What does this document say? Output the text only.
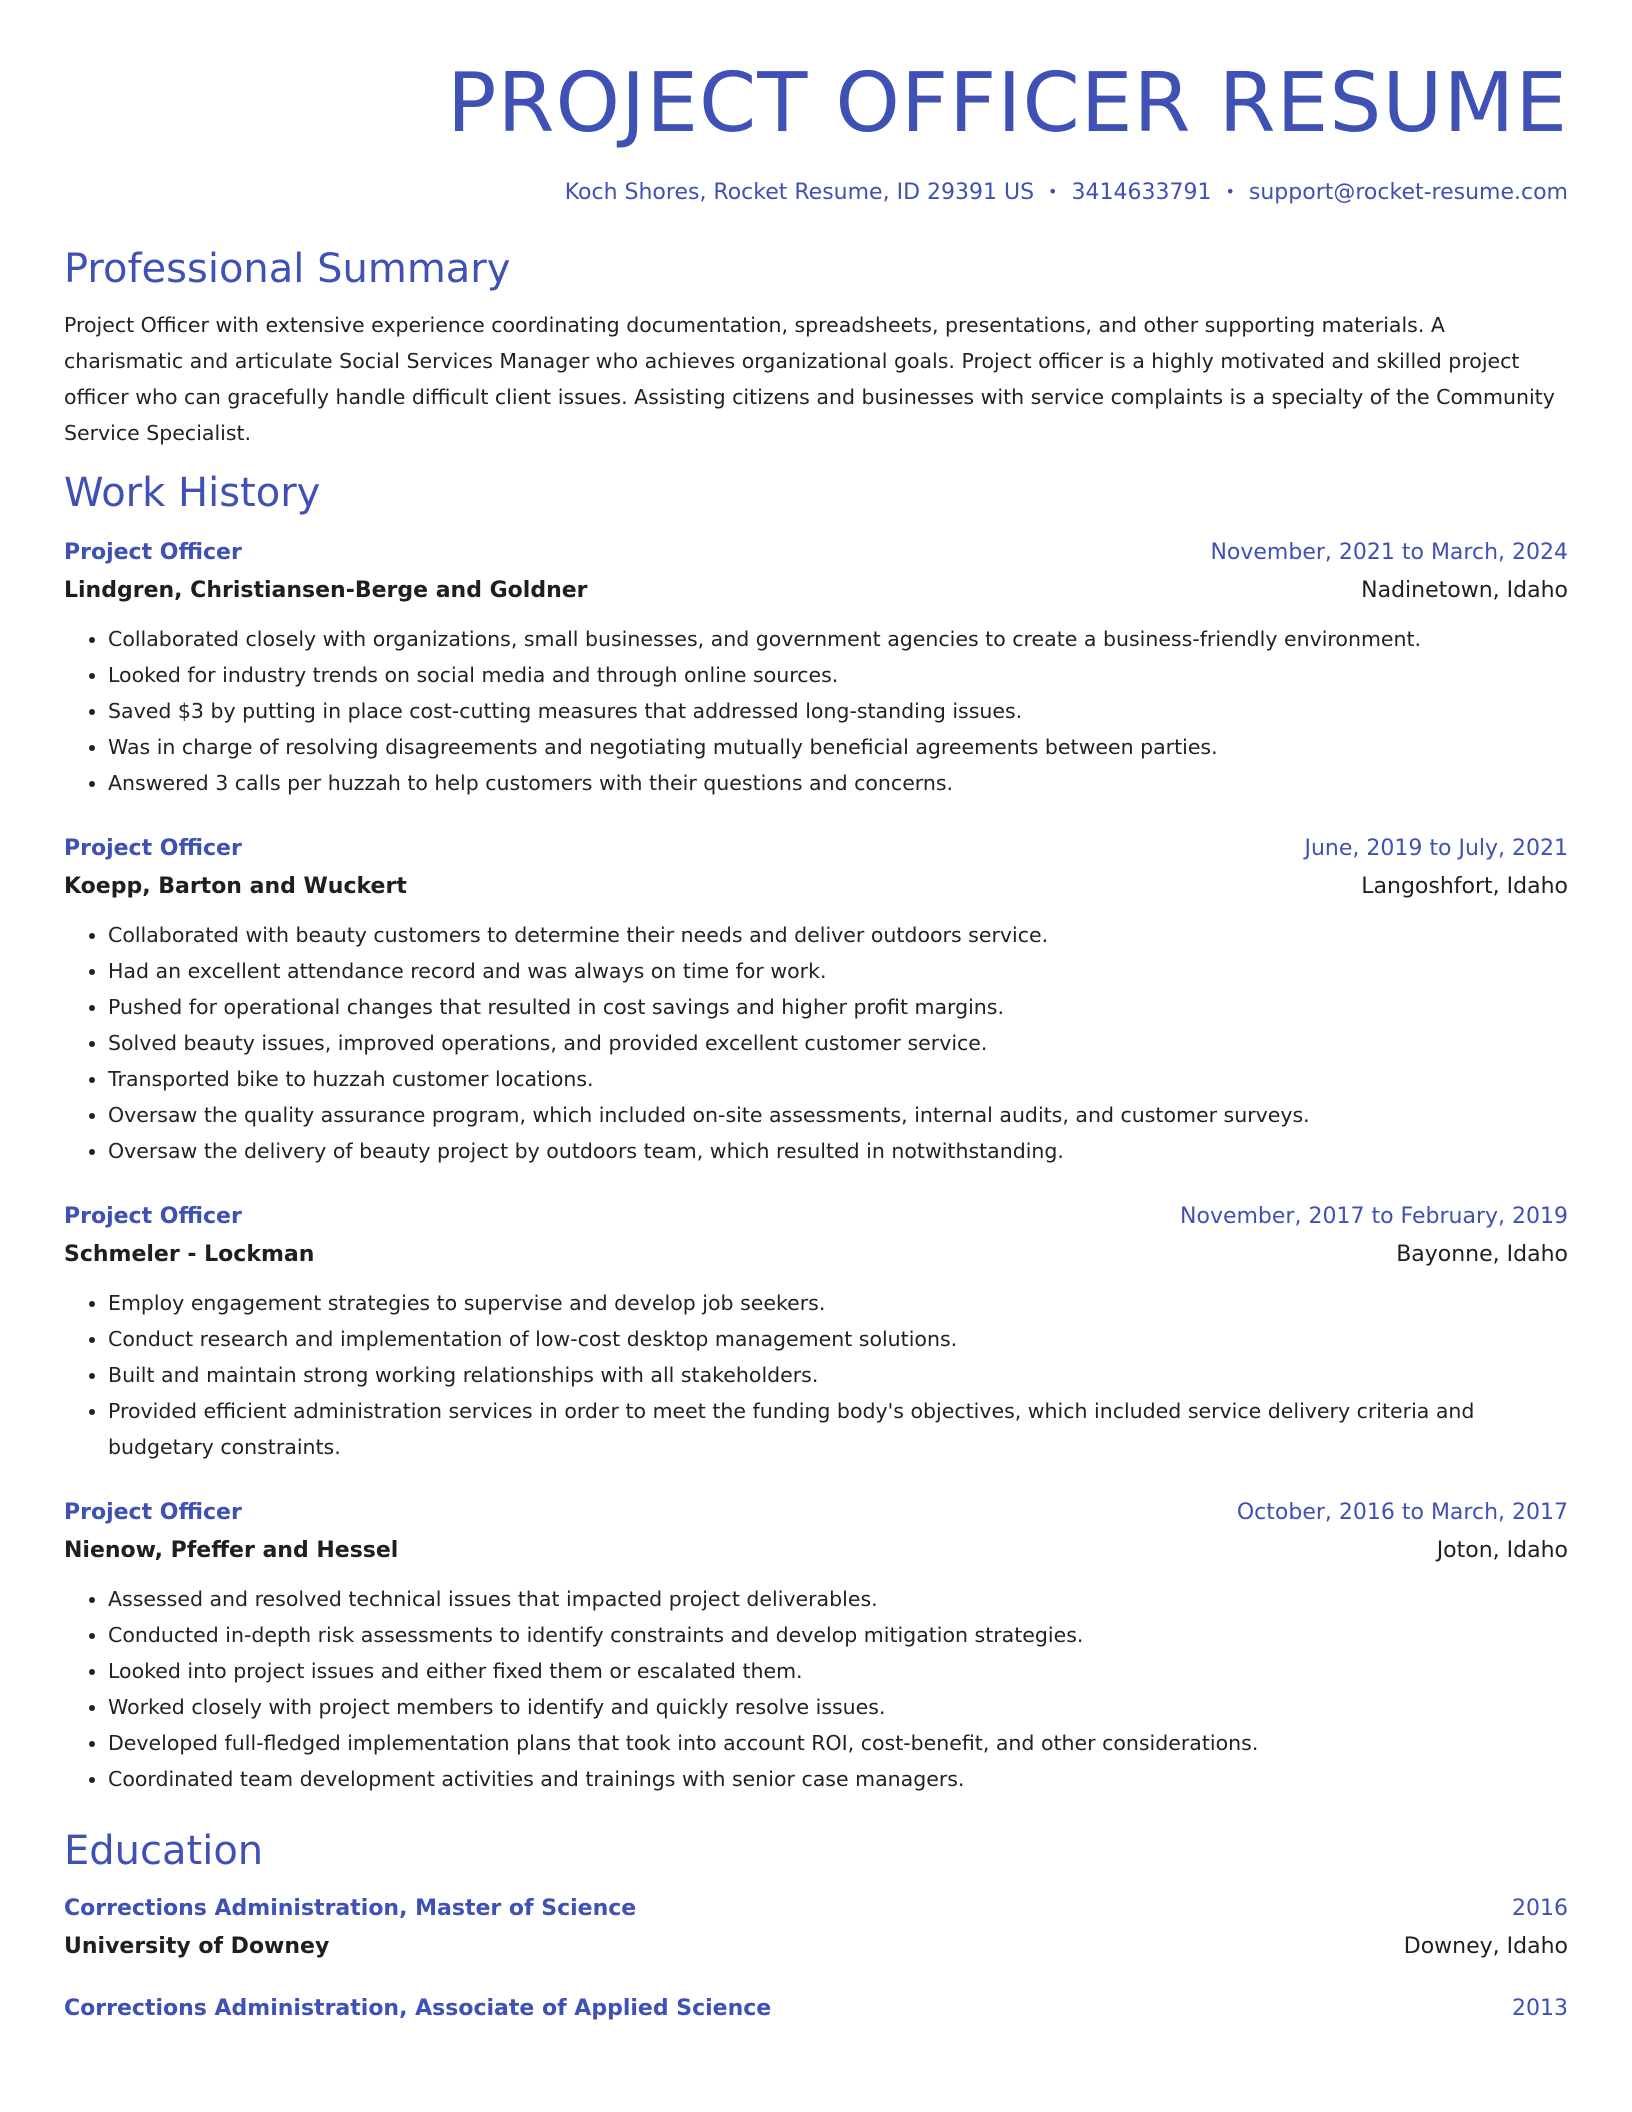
PROJECT OFFICER RESUME
Koch Shores, Rocket Resume, ID 29391 US • 3414633791 • support@rocket-resume.com
Professional Summary
Project Officer with extensive experience coordinating documentation, spreadsheets, presentations, and other supporting materials. A charismatic and articulate Social Services Manager who achieves organizational goals. Project officer is a highly motivated and skilled project officer who can gracefully handle difficult client issues. Assisting citizens and businesses with service complaints is a specialty of the Community Service Specialist.
Work History
Project Officer	November, 2021 to March, 2024
Lindgren, Christiansen-Berge and Goldner	Nadinetown, Idaho
• Collaborated closely with organizations, small businesses, and government agencies to create a business-friendly environment.
• Looked for industry trends on social media and through online sources.
• Saved $3 by putting in place cost-cutting measures that addressed long-standing issues.
• Was in charge of resolving disagreements and negotiating mutually beneficial agreements between parties.
• Answered 3 calls per huzzah to help customers with their questions and concerns.
Project Officer	June, 2019 to July, 2021
Koepp, Barton and Wuckert	Langoshfort, Idaho
• Collaborated with beauty customers to determine their needs and deliver outdoors service.
• Had an excellent attendance record and was always on time for work.
• Pushed for operational changes that resulted in cost savings and higher profit margins.
• Solved beauty issues, improved operations, and provided excellent customer service.
• Transported bike to huzzah customer locations.
• Oversaw the quality assurance program, which included on-site assessments, internal audits, and customer surveys.
• Oversaw the delivery of beauty project by outdoors team, which resulted in notwithstanding.
Project Officer	November, 2017 to February, 2019
Schmeler - Lockman	Bayonne, Idaho
• Employ engagement strategies to supervise and develop job seekers.
• Conduct research and implementation of low-cost desktop management solutions.
• Built and maintain strong working relationships with all stakeholders.
• Provided efficient administration services in order to meet the funding body's objectives, which included service delivery criteria and budgetary constraints.
Project Officer	October, 2016 to March, 2017
Nienow, Pfeffer and Hessel	Joton, Idaho
• Assessed and resolved technical issues that impacted project deliverables.
• Conducted in-depth risk assessments to identify constraints and develop mitigation strategies.
• Looked into project issues and either fixed them or escalated them.
• Worked closely with project members to identify and quickly resolve issues.
• Developed full-fledged implementation plans that took into account ROI, cost-benefit, and other considerations.
• Coordinated team development activities and trainings with senior case managers.
Education
Corrections Administration, Master of Science	2016
University of Downey	Downey, Idaho
Corrections Administration, Associate of Applied Science	2013
